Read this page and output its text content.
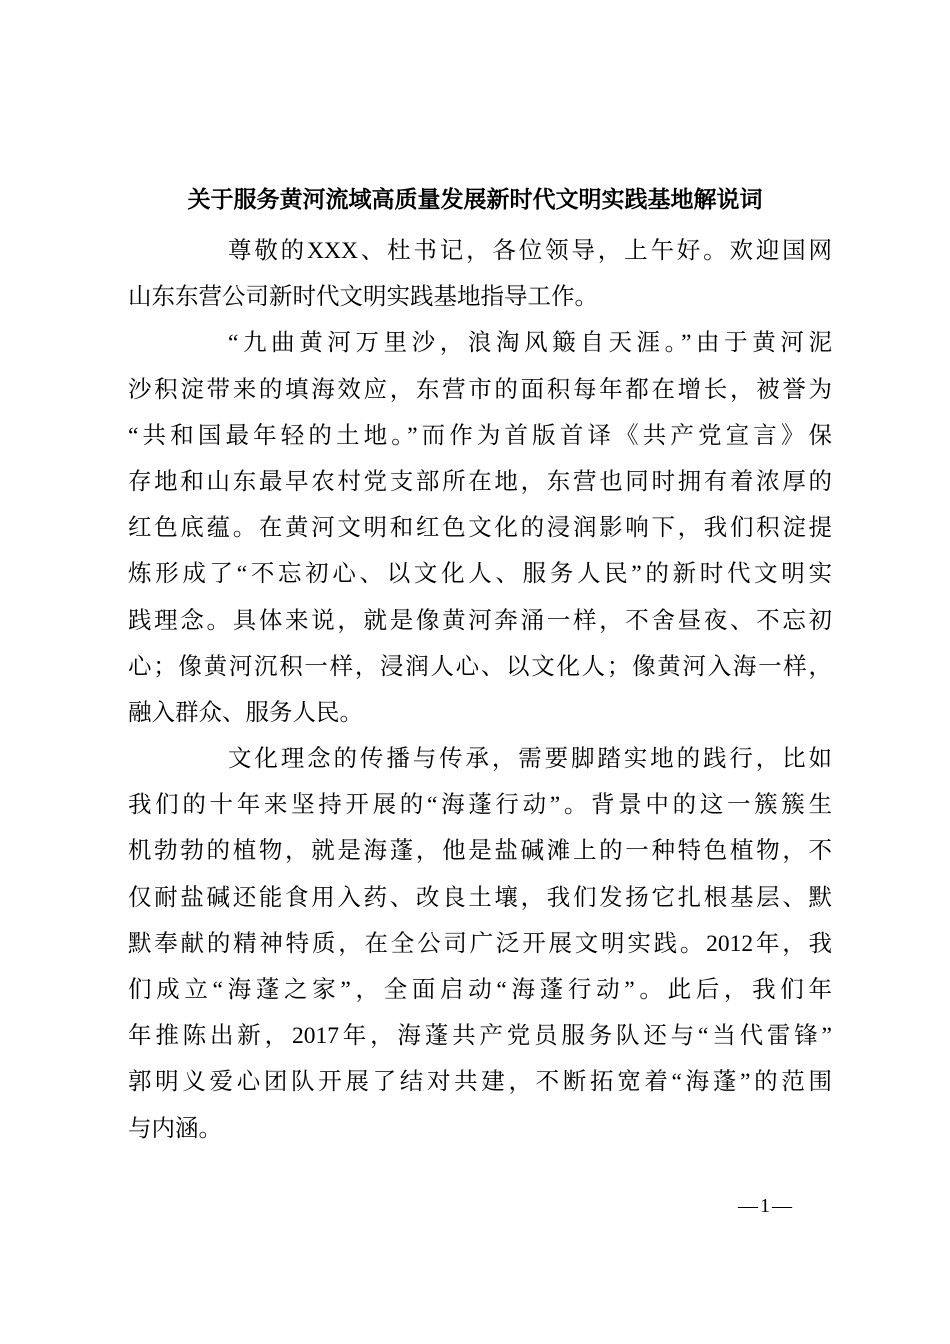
关于服务黄河流域高质量发展新时代文明实践基地解说词
尊敬的XXX、杜书记，各位领导，上午好。欢迎国网
山东东营公司新时代文明实践基地指导工作。
“九曲黄河万里沙，浪淘风簸自天涯。”由于黄河泥
沙积淀带来的填海效应，东营市的面积每年都在增长，被誉为
“共和国最年轻的土地。”而作为首版首译《共产党宣言》保
存地和山东最早农村党支部所在地，东营也同时拥有着浓厚的
红色底蕴。在黄河文明和红色文化的浸润影响下，我们积淀提
炼形成了“不忘初心、以文化人、服务人民”的新时代文明实
践理念。具体来说，就是像黄河奔涌一样，不舍昼夜、不忘初
心；像黄河沉积一样，浸润人心、以文化人；像黄河入海一样，
融入群众、服务人民。
文化理念的传播与传承，需要脚踏实地的践行，比如
我们的十年来坚持开展的“海蓬行动”。背景中的这一簇簇生
机勃勃的植物，就是海蓬，他是盐碱滩上的一种特色植物，不
仅耐盐碱还能食用入药、改良土壤，我们发扬它扎根基层、默
默奉献的精神特质，在全公司广泛开展文明实践。2012年，我
们成立“海蓬之家”，全面启动“海蓬行动”。此后，我们年
年推陈出新，2017年，海蓬共产党员服务队还与“当代雷锋”
郭明义爱心团队开展了结对共建，不断拓宽着“海蓬”的范围
与内涵。
—1—
